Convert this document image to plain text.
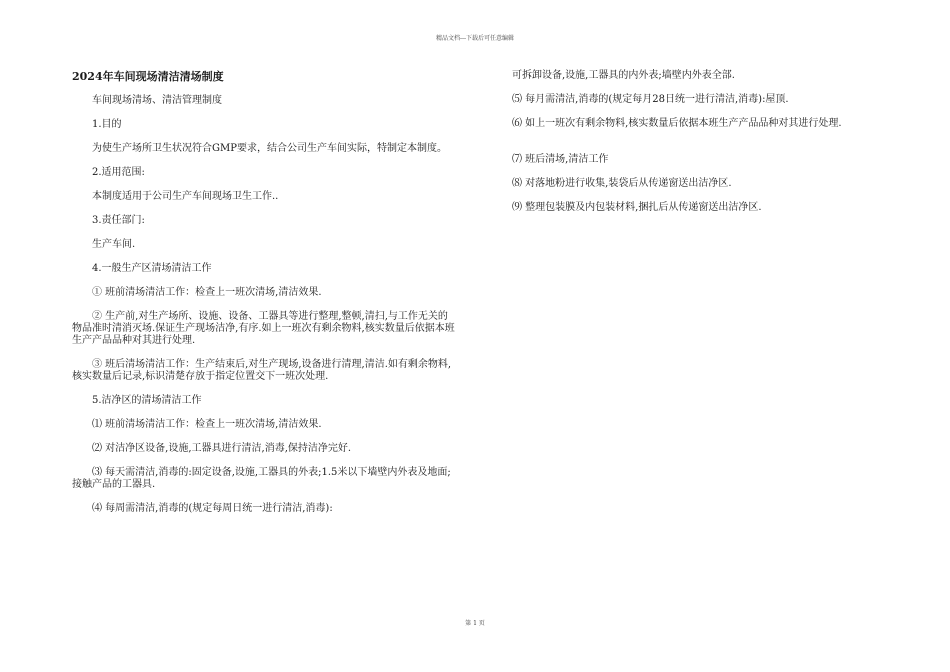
精品文档---下载后可任意编辑
2024年车间现场清洁清场制度

车间现场清场、清洁管理制度

1.目的

为使生产场所卫生状况符合GMP要求，结合公司生产车间实际，特制定本制度。

2.适用范围:

本制度适用于公司生产车间现场卫生工作..

3.责任部门:

生产车间.

4.一般生产区清场清洁工作

① 班前清场清洁工作：检查上一班次清场,清洁效果.

② 生产前,对生产场所、设施、设备、工器具等进行整理,整顿,清扫,与工作无关的物品准时清消灭场.保证生产现场洁净,有序.如上一班次有剩余物料,核实数量后依据本班生产产品品种对其进行处理.

③ 班后清场清洁工作：生产结束后,对生产现场,设备进行清理,清洁.如有剩余物料,核实数量后记录,标识清楚存放于指定位置交下一班次处理.

5.洁净区的清场清洁工作

⑴ 班前清场清洁工作：检查上一班次清场,清洁效果.

⑵ 对洁净区设备,设施,工器具进行清洁,消毒,保持洁净完好.

⑶ 每天需清洁,消毒的:固定设备,设施,工器具的外表;1.5米以下墙壁内外表及地面;接触产品的工器具.

⑷ 每周需清洁,消毒的(规定每周日统一进行清洁,消毒):

可拆卸设备,设施,工器具的内外表;墙壁内外表全部.

⑸ 每月需清洁,消毒的(规定每月28日统一进行清洁,消毒):屋顶.

⑹ 如上一班次有剩余物料,核实数量后依据本班生产产品品种对其进行处理.

⑺ 班后清场,清洁工作

⑻ 对落地粉进行收集,装袋后从传递窗送出洁净区.

⑼ 整理包装膜及内包装材料,捆扎后从传递窗送出洁净区.

第 1 页
